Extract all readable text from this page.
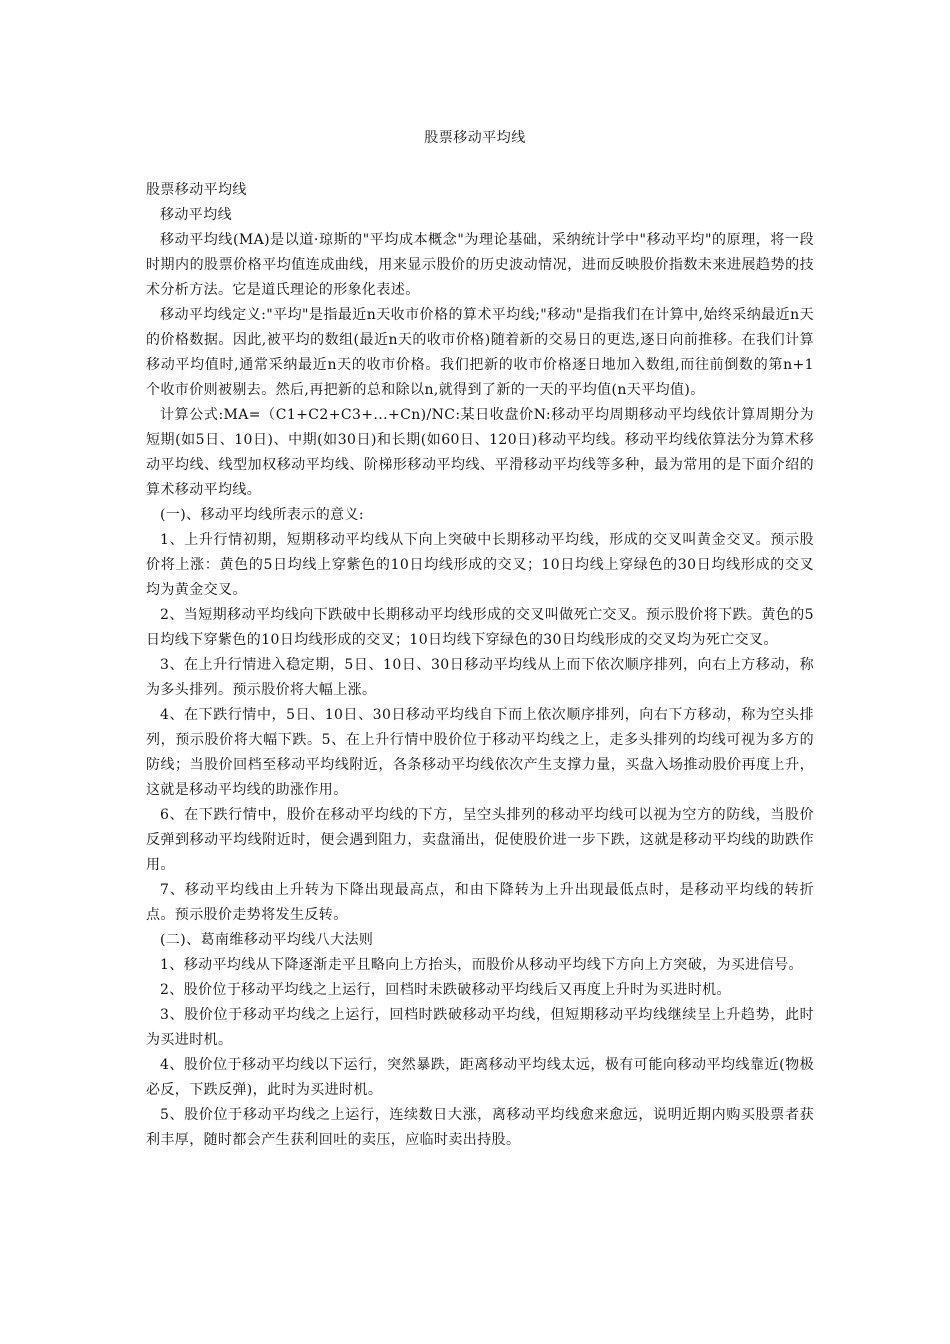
股票移动平均线

股票移动平均线

移动平均线

移动平均线(MA)是以道·琼斯的"平均成本概念"为理论基础，采纳统计学中"移动平均"的原理，将一段时期内的股票价格平均值连成曲线，用来显示股价的历史波动情况，进而反映股价指数未来进展趋势的技术分析方法。它是道氏理论的形象化表述。

移动平均线定义:"平均"是指最近n天收市价格的算术平均线;"移动"是指我们在计算中,始终采纳最近n天的价格数据。因此,被平均的数组(最近n天的收市价格)随着新的交易日的更迭,逐日向前推移。在我们计算移动平均值时,通常采纳最近n天的收市价格。我们把新的收市价格逐日地加入数组,而往前倒数的第n+1个收市价则被剔去。然后,再把新的总和除以n,就得到了新的一天的平均值(n天平均值)。

计算公式:MA=（C1+C2+C3+...+Cn)/NC:某日收盘价N:移动平均周期移动平均线依计算周期分为短期(如5日、10日)、中期(如30日)和长期(如60日、120日)移动平均线。移动平均线依算法分为算术移动平均线、线型加权移动平均线、阶梯形移动平均线、平滑移动平均线等多种，最为常用的是下面介绍的算术移动平均线。

(一)、移动平均线所表示的意义:

1、上升行情初期，短期移动平均线从下向上突破中长期移动平均线，形成的交叉叫黄金交叉。预示股价将上涨：黄色的5日均线上穿紫色的10日均线形成的交叉；10日均线上穿绿色的30日均线形成的交叉均为黄金交叉。

2、当短期移动平均线向下跌破中长期移动平均线形成的交叉叫做死亡交叉。预示股价将下跌。黄色的5日均线下穿紫色的10日均线形成的交叉；10日均线下穿绿色的30日均线形成的交叉均为死亡交叉。

3、在上升行情进入稳定期，5日、10日、30日移动平均线从上而下依次顺序排列，向右上方移动，称为多头排列。预示股价将大幅上涨。

4、在下跌行情中，5日、10日、30日移动平均线自下而上依次顺序排列，向右下方移动，称为空头排列，预示股价将大幅下跌。5、在上升行情中股价位于移动平均线之上，走多头排列的均线可视为多方的防线；当股价回档至移动平均线附近，各条移动平均线依次产生支撑力量，买盘入场推动股价再度上升，这就是移动平均线的助涨作用。

6、在下跌行情中，股价在移动平均线的下方，呈空头排列的移动平均线可以视为空方的防线，当股价反弹到移动平均线附近时，便会遇到阻力，卖盘涌出，促使股价进一步下跌，这就是移动平均线的助跌作用。

7、移动平均线由上升转为下降出现最高点，和由下降转为上升出现最低点时，是移动平均线的转折点。预示股价走势将发生反转。

(二)、葛南维移动平均线八大法则

1、移动平均线从下降逐渐走平且略向上方抬头，而股价从移动平均线下方向上方突破，为买进信号。

2、股价位于移动平均线之上运行，回档时未跌破移动平均线后又再度上升时为买进时机。

3、股价位于移动平均线之上运行，回档时跌破移动平均线，但短期移动平均线继续呈上升趋势，此时为买进时机。

4、股价位于移动平均线以下运行，突然暴跌，距离移动平均线太远，极有可能向移动平均线靠近(物极必反，下跌反弹)，此时为买进时机。

5、股价位于移动平均线之上运行，连续数日大涨，离移动平均线愈来愈远，说明近期内购买股票者获利丰厚，随时都会产生获利回吐的卖压，应临时卖出持股。
